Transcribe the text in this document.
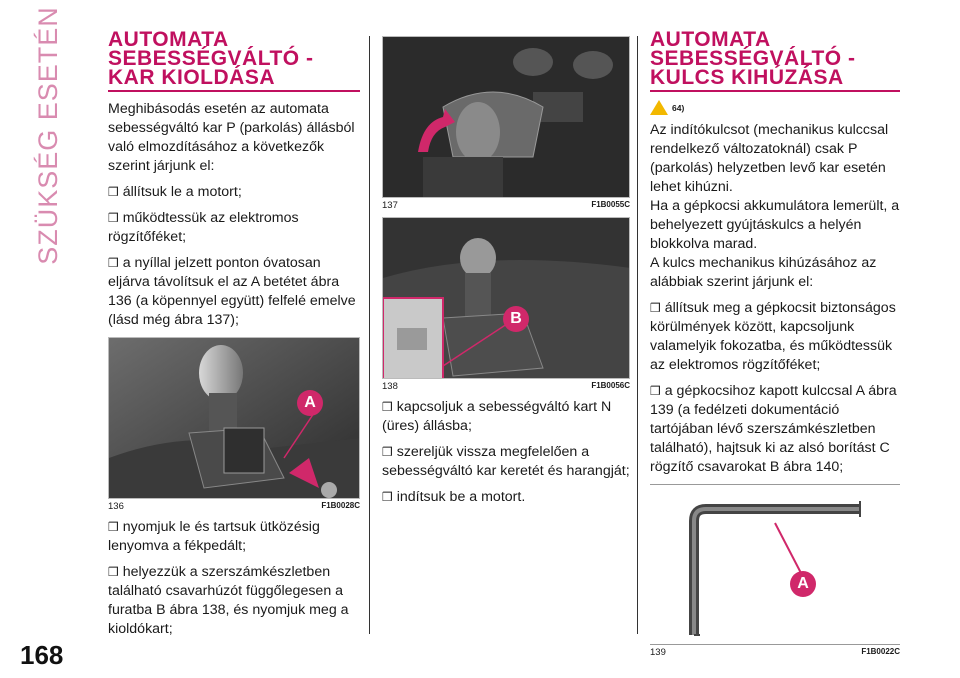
SZÜKSÉG ESETÉN
168
AUTOMATA SEBESSÉGVÁLTÓ - KAR KIOLDÁSA

Meghibásodás esetén az automata sebességváltó kar P (parkolás) állásból való elmozdításához a következők szerint járjunk el:

❒ állítsuk le a motort;

❒ működtessük az elektromos rögzítőféket;

❒ a nyíllal jelzett ponton óvatosan eljárva távolítsuk el az A betétet ábra 136 (a köpennyel együtt) felfelé emelve (lásd még ábra 137);

A
136	F1B0028C

❒ nyomjuk le és tartsuk ütközésig lenyomva a fékpedált;

❒ helyezzük a szerszámkészletben található csavarhúzót függőlegesen a furatba B ábra 138, és nyomjuk meg a kioldókart;

137	F1B0055C
B
138	F1B0056C

❒ kapcsoljuk a sebességváltó kart N (üres) állásba;

❒ szereljük vissza megfelelően a sebességváltó kar keretét és harangját;

❒ indítsuk be a motort.

AUTOMATA SEBESSÉGVÁLTÓ - KULCS KIHÚZÁSA
64)

Az indítókulcsot (mechanikus kulccsal rendelkező változatoknál) csak P (parkolás) helyzetben levő kar esetén lehet kihúzni.

Ha a gépkocsi akkumulátora lemerült, a behelyezett gyújtáskulcs a helyén blokkolva marad.

A kulcs mechanikus kihúzásához az alábbiak szerint járjunk el:

❒ állítsuk meg a gépkocsit biztonságos körülmények között, kapcsoljunk valamelyik fokozatba, és működtessük az elektromos rögzítőféket;

❒ a gépkocsihoz kapott kulccsal A ábra 139 (a fedélzeti dokumentáció tartójában lévő szerszámkészletben található), hajtsuk ki az alsó borítást C rögzítő csavarokat B ábra 140;

A
139	F1B0022C
